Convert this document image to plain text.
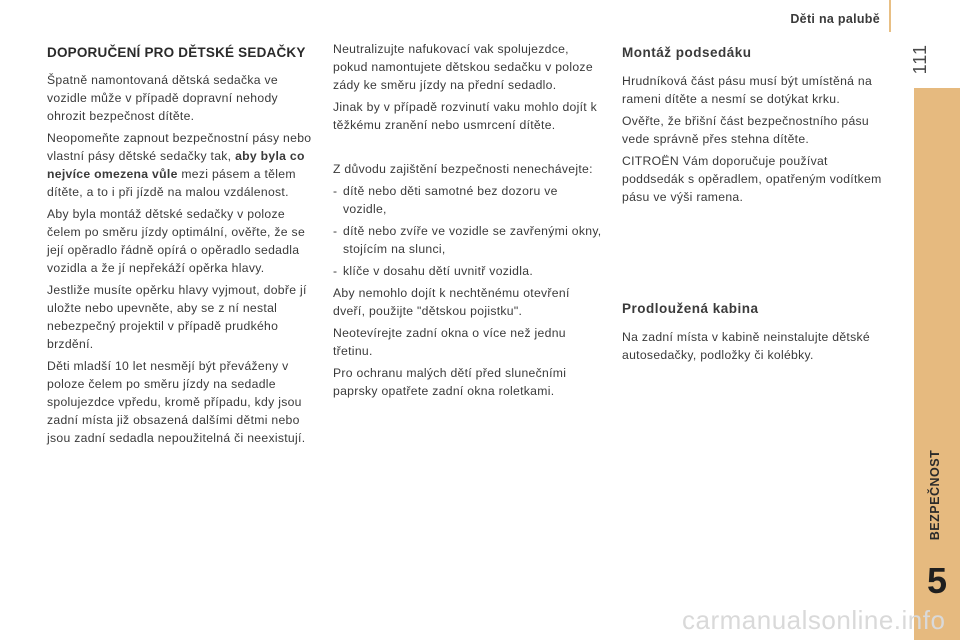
Děti na palubě
111
BEZPEČNOST
5
DOPORUČENÍ PRO DĚTSKÉ SEDAČKY

Špatně namontovaná dětská sedačka ve vozidle může v případě dopravní nehody ohrozit bezpečnost dítěte.

Neopomeňte zapnout bezpečnostní pásy nebo vlastní pásy dětské sedačky tak, aby byla co nejvíce omezena vůle mezi pásem a tělem dítěte, a to i při jízdě na malou vzdálenost.

Aby byla montáž dětské sedačky v poloze čelem po směru jízdy optimální, ověřte, že se její opěradlo řádně opírá o opěradlo sedadla vozidla a že jí nepřekáží opěrka hlavy.

Jestliže musíte opěrku hlavy vyjmout, dobře jí uložte nebo upevněte, aby se z ní nestal nebezpečný projektil v případě prudkého brzdění.

Děti mladší 10 let nesmějí být převáženy v poloze čelem po směru jízdy na sedadle spolujezdce vpředu, kromě případu, kdy jsou zadní místa již obsazená dalšími dětmi nebo jsou zadní sedadla nepoužitelná či neexistují.

Neutralizujte nafukovací vak spolujezdce, pokud namontujete dětskou sedačku v poloze zády ke směru jízdy na přední sedadlo.

Jinak by v případě rozvinutí vaku mohlo dojít k těžkému zranění nebo usmrcení dítěte.

Z důvodu zajištění bezpečnosti nenechávejte:

- dítě nebo děti samotné bez dozoru ve vozidle,
- dítě nebo zvíře ve vozidle se zavřenými okny, stojícím na slunci,
- klíče v dosahu dětí uvnitř vozidla.

Aby nemohlo dojít k nechtěnému otevření dveří, použijte "dětskou pojistku".

Neotevírejte zadní okna o více než jednu třetinu.

Pro ochranu malých dětí před slunečními paprsky opatřete zadní okna roletkami.

Montáž podsedáku

Hrudníková část pásu musí být umístěná na rameni dítěte a nesmí se dotýkat krku.

Ověřte, že břišní část bezpečnostního pásu vede správně přes stehna dítěte.

CITROËN Vám doporučuje používat poddsedák s opěradlem, opatřeným vodítkem pásu ve výši ramena.

Prodloužená kabina

Na zadní místa v kabině neinstalujte dětské autosedačky, podložky či kolébky.

carmanualsonline.info
